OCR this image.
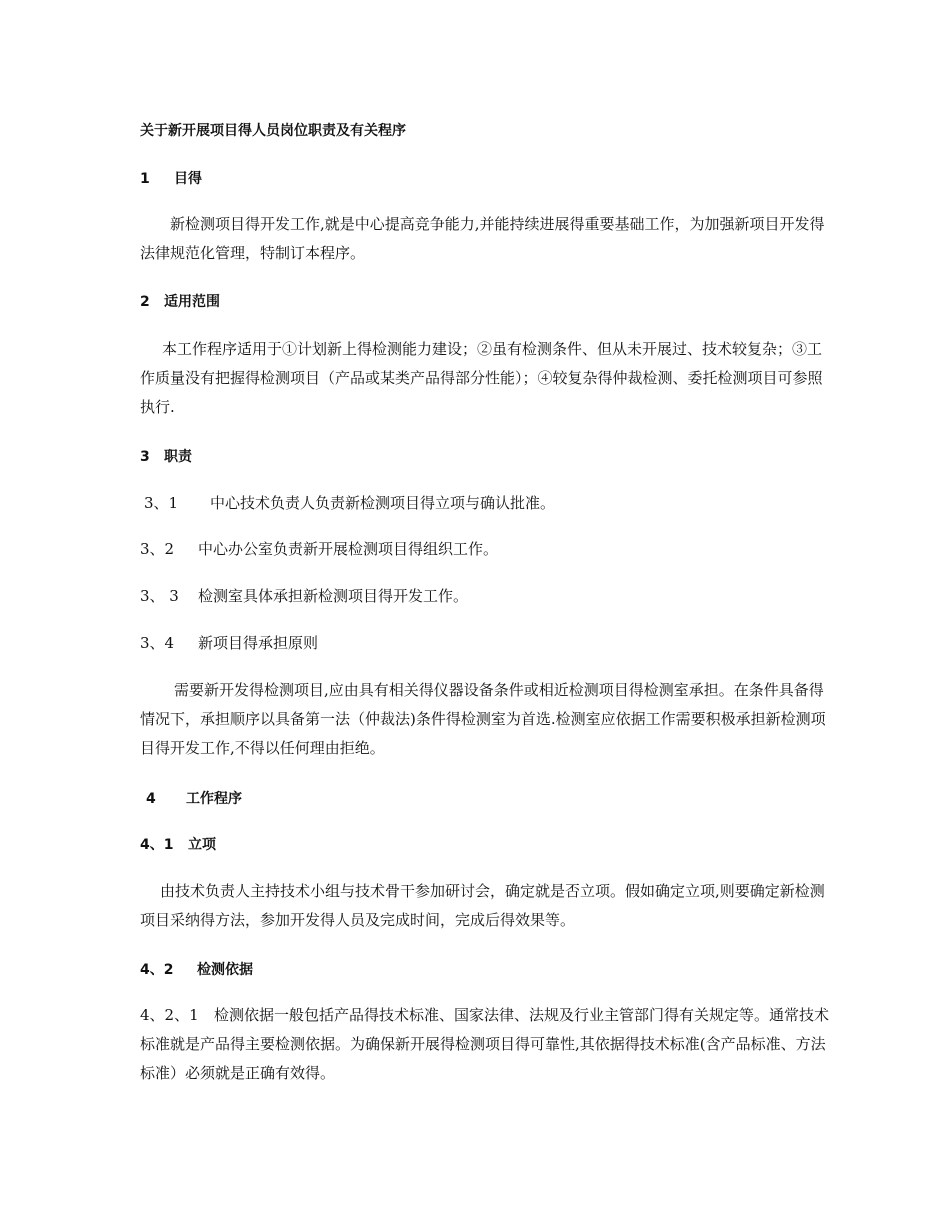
关于新开展项目得人员岗位职责及有关程序
1 目得
新检测项目得开发工作,就是中心提高竞争能力,并能持续进展得重要基础工作，为加强新项目开发得法律规范化管理，特制订本程序。
2 适用范围
本工作程序适用于①计划新上得检测能力建设；②虽有检测条件、但从未开展过、技术较复杂；③工作质量没有把握得检测项目（产品或某类产品得部分性能）；④较复杂得仲裁检测、委托检测项目可参照执行.
3 职责
3、1 中心技术负责人负责新检测项目得立项与确认批准。
3、2 中心办公室负责新开展检测项目得组织工作。
3、 3 检测室具体承担新检测项目得开发工作。
3、4 新项目得承担原则
需要新开发得检测项目,应由具有相关得仪器设备条件或相近检测项目得检测室承担。在条件具备得情况下，承担顺序以具备第一法（仲裁法)条件得检测室为首选.检测室应依据工作需要积极承担新检测项目得开发工作,不得以任何理由拒绝。
4 工作程序
4、1 立项
由技术负责人主持技术小组与技术骨干参加研讨会，确定就是否立项。假如确定立项,则要确定新检测项目采纳得方法，参加开发得人员及完成时间，完成后得效果等。
4、2 检测依据
4、2、1 检测依据一般包括产品得技术标准、国家法律、法规及行业主管部门得有关规定等。通常技术标准就是产品得主要检测依据。为确保新开展得检测项目得可靠性,其依据得技术标准(含产品标准、方法标准）必须就是正确有效得。
